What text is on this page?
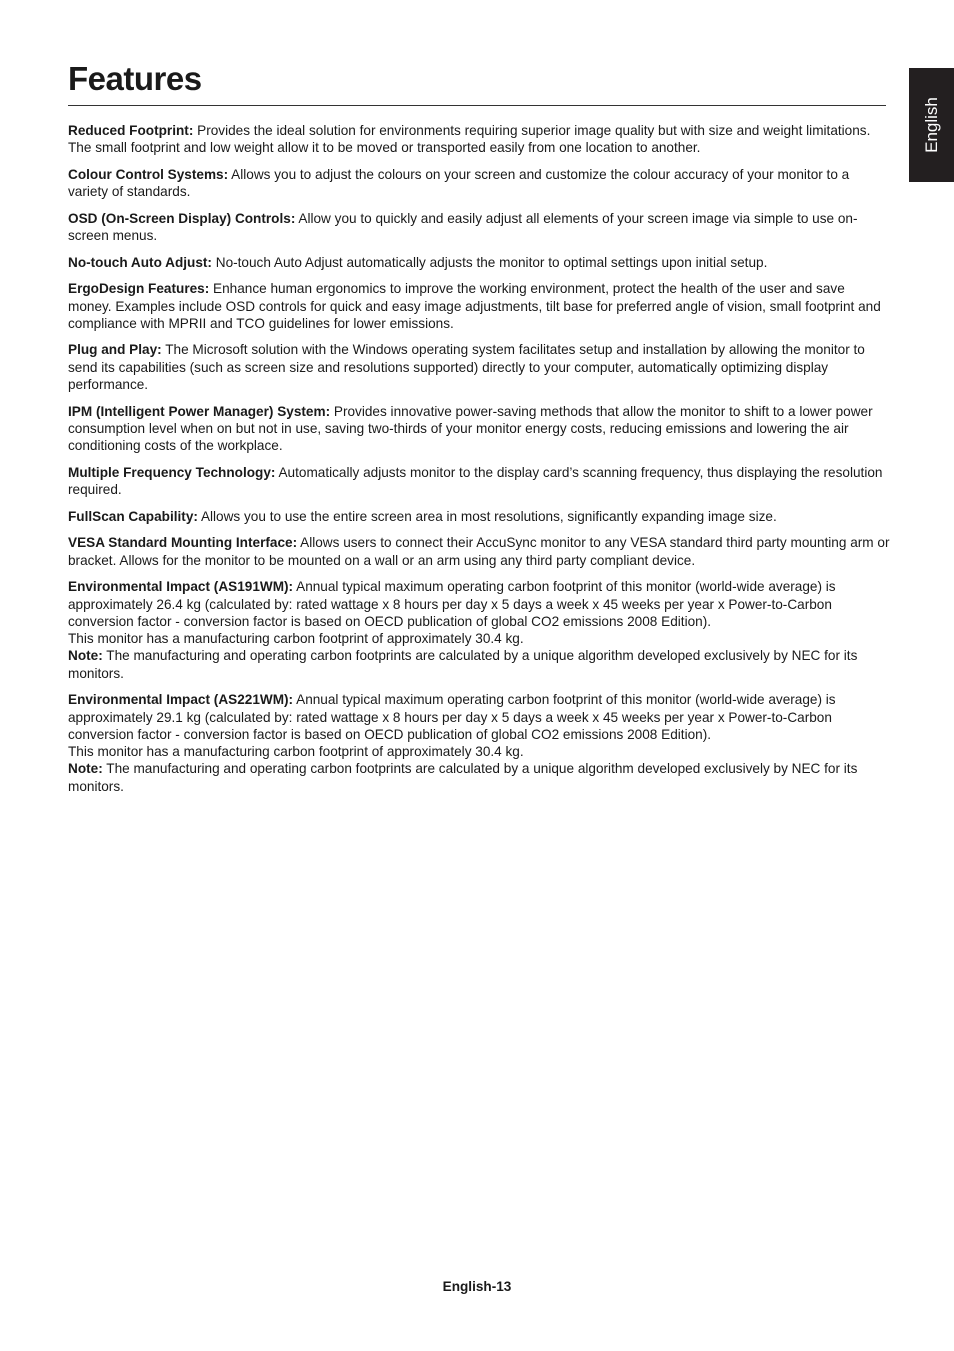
Features
English

Reduced Footprint: Provides the ideal solution for environments requiring superior image quality but with size and weight limitations. The small footprint and low weight allow it to be moved or transported easily from one location to another.

Colour Control Systems: Allows you to adjust the colours on your screen and customize the colour accuracy of your monitor to a variety of standards.

OSD (On-Screen Display) Controls: Allow you to quickly and easily adjust all elements of your screen image via simple to use on-screen menus.

No-touch Auto Adjust: No-touch Auto Adjust automatically adjusts the monitor to optimal settings upon initial setup.

ErgoDesign Features: Enhance human ergonomics to improve the working environment, protect the health of the user and save money. Examples include OSD controls for quick and easy image adjustments, tilt base for preferred angle of vision, small footprint and compliance with MPRII and TCO guidelines for lower emissions.

Plug and Play: The Microsoft solution with the Windows operating system facilitates setup and installation by allowing the monitor to send its capabilities (such as screen size and resolutions supported) directly to your computer, automatically optimizing display performance.

IPM (Intelligent Power Manager) System: Provides innovative power-saving methods that allow the monitor to shift to a lower power consumption level when on but not in use, saving two-thirds of your monitor energy costs, reducing emissions and lowering the air conditioning costs of the workplace.

Multiple Frequency Technology: Automatically adjusts monitor to the display card’s scanning frequency, thus displaying the resolution required.

FullScan Capability: Allows you to use the entire screen area in most resolutions, significantly expanding image size.

VESA Standard Mounting Interface: Allows users to connect their AccuSync monitor to any VESA standard third party mounting arm or bracket. Allows for the monitor to be mounted on a wall or an arm using any third party compliant device.

Environmental Impact (AS191WM): Annual typical maximum operating carbon footprint of this monitor (world-wide average) is approximately 26.4 kg (calculated by: rated wattage x 8 hours per day x 5 days a week x 45 weeks per year x Power-to-Carbon conversion factor - conversion factor is based on OECD publication of global CO2 emissions 2008 Edition).
This monitor has a manufacturing carbon footprint of approximately 30.4 kg.
Note: The manufacturing and operating carbon footprints are calculated by a unique algorithm developed exclusively by NEC for its monitors.

Environmental Impact (AS221WM): Annual typical maximum operating carbon footprint of this monitor (world-wide average) is approximately 29.1 kg (calculated by: rated wattage x 8 hours per day x 5 days a week x 45 weeks per year x Power-to-Carbon conversion factor - conversion factor is based on OECD publication of global CO2 emissions 2008 Edition).
This monitor has a manufacturing carbon footprint of approximately 30.4 kg.
Note: The manufacturing and operating carbon footprints are calculated by a unique algorithm developed exclusively by NEC for its monitors.

English-13
